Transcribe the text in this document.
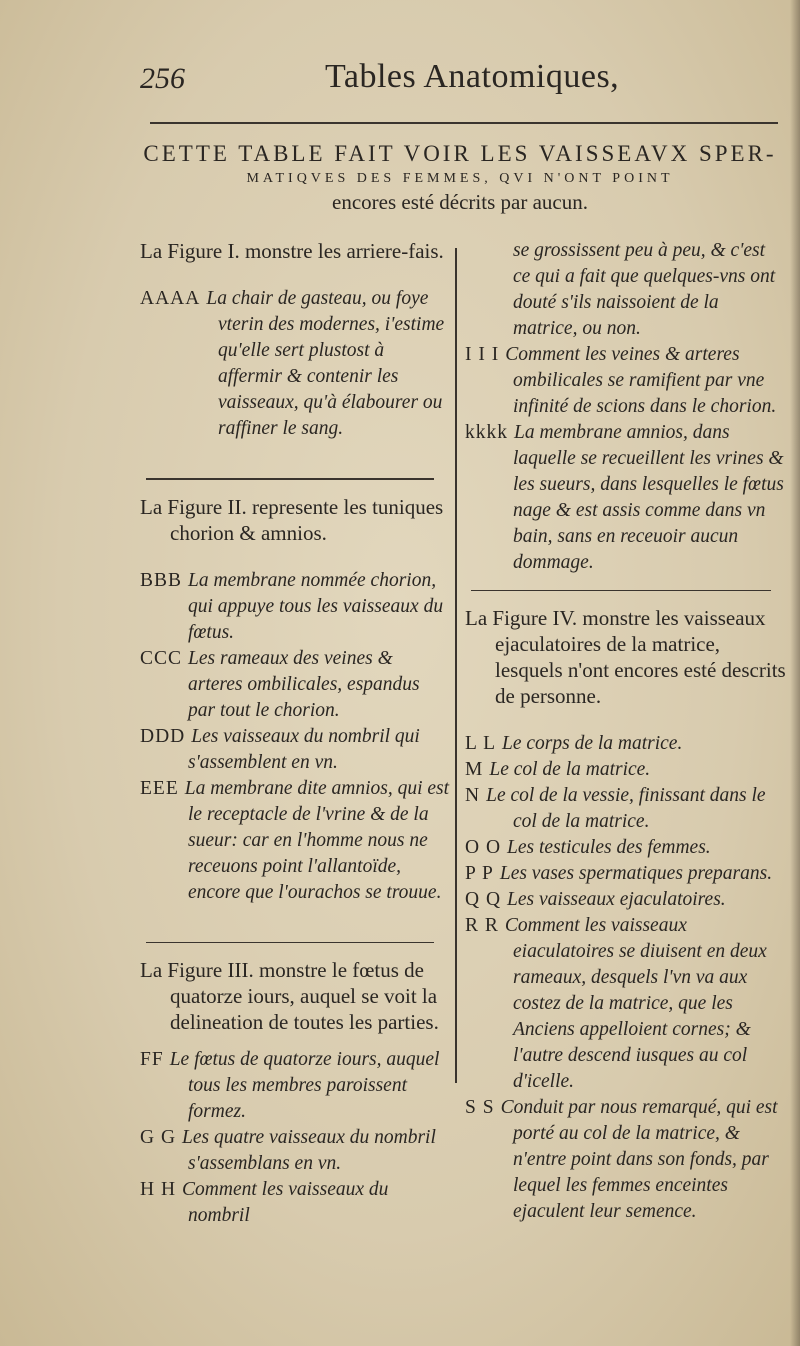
256	Tables Anatomiques,
CETTE TABLE FAIT VOIR LES VAISSEAVX SPER-
MATIQVES DES FEMMES, QVI N'ONT POINT
encores esté décrits par aucun.
La Figure I. monstre les arriere-fais.
AAAA La chair de gasteau, ou foye vterin des modernes, i'estime qu'elle sert plustost à affermir & contenir les vaisseaux, qu'à élabourer ou raffiner le sang.
La Figure II. represente les tuniques chorion & amnios.
BBB La membrane nommée chorion, qui appuye tous les vaisseaux du fœtus.
CCC Les rameaux des veines & arteres ombilicales, espandus par tout le chorion.
DDD Les vaisseaux du nombril qui s'assemblent en vn.
EEE La membrane dite amnios, qui est le receptacle de l'vrine & de la sueur: car en l'homme nous ne receuons point l'allantoïde, encore que l'ourachos se trouue.
La Figure III. monstre le fœtus de quatorze iours, auquel se voit la delineation de toutes les parties.
FF Le fœtus de quatorze iours, auquel tous les membres paroissent formez.
G G Les quatre vaisseaux du nombril s'assemblans en vn.
H H Comment les vaisseaux du nombril
se grossissent peu à peu, & c'est ce qui a fait que quelques-vns ont douté s'ils naissoient de la matrice, ou non.
I I I Comment les veines & arteres ombilicales se ramifient par vne infinité de scions dans le chorion.
kkkk La membrane amnios, dans laquelle se recueillent les vrines & les sueurs, dans lesquelles le fœtus nage & est assis comme dans vn bain, sans en receuoir aucun dommage.
La Figure IV. monstre les vaisseaux ejaculatoires de la matrice, lesquels n'ont encores esté descrits de personne.
L L Le corps de la matrice.
M Le col de la matrice.
N Le col de la vessie, finissant dans le col de la matrice.
O O Les testicules des femmes.
P P Les vases spermatiques preparans.
Q Q Les vaisseaux ejaculatoires.
R R Comment les vaisseaux eiaculatoires se diuisent en deux rameaux, desquels l'vn va aux costez de la matrice, que les Anciens appelloient cornes; & l'autre descend iusques au col d'icelle.
S S Conduit par nous remarqué, qui est porté au col de la matrice, & n'entre point dans son fonds, par lequel les femmes enceintes ejaculent leur semence.
